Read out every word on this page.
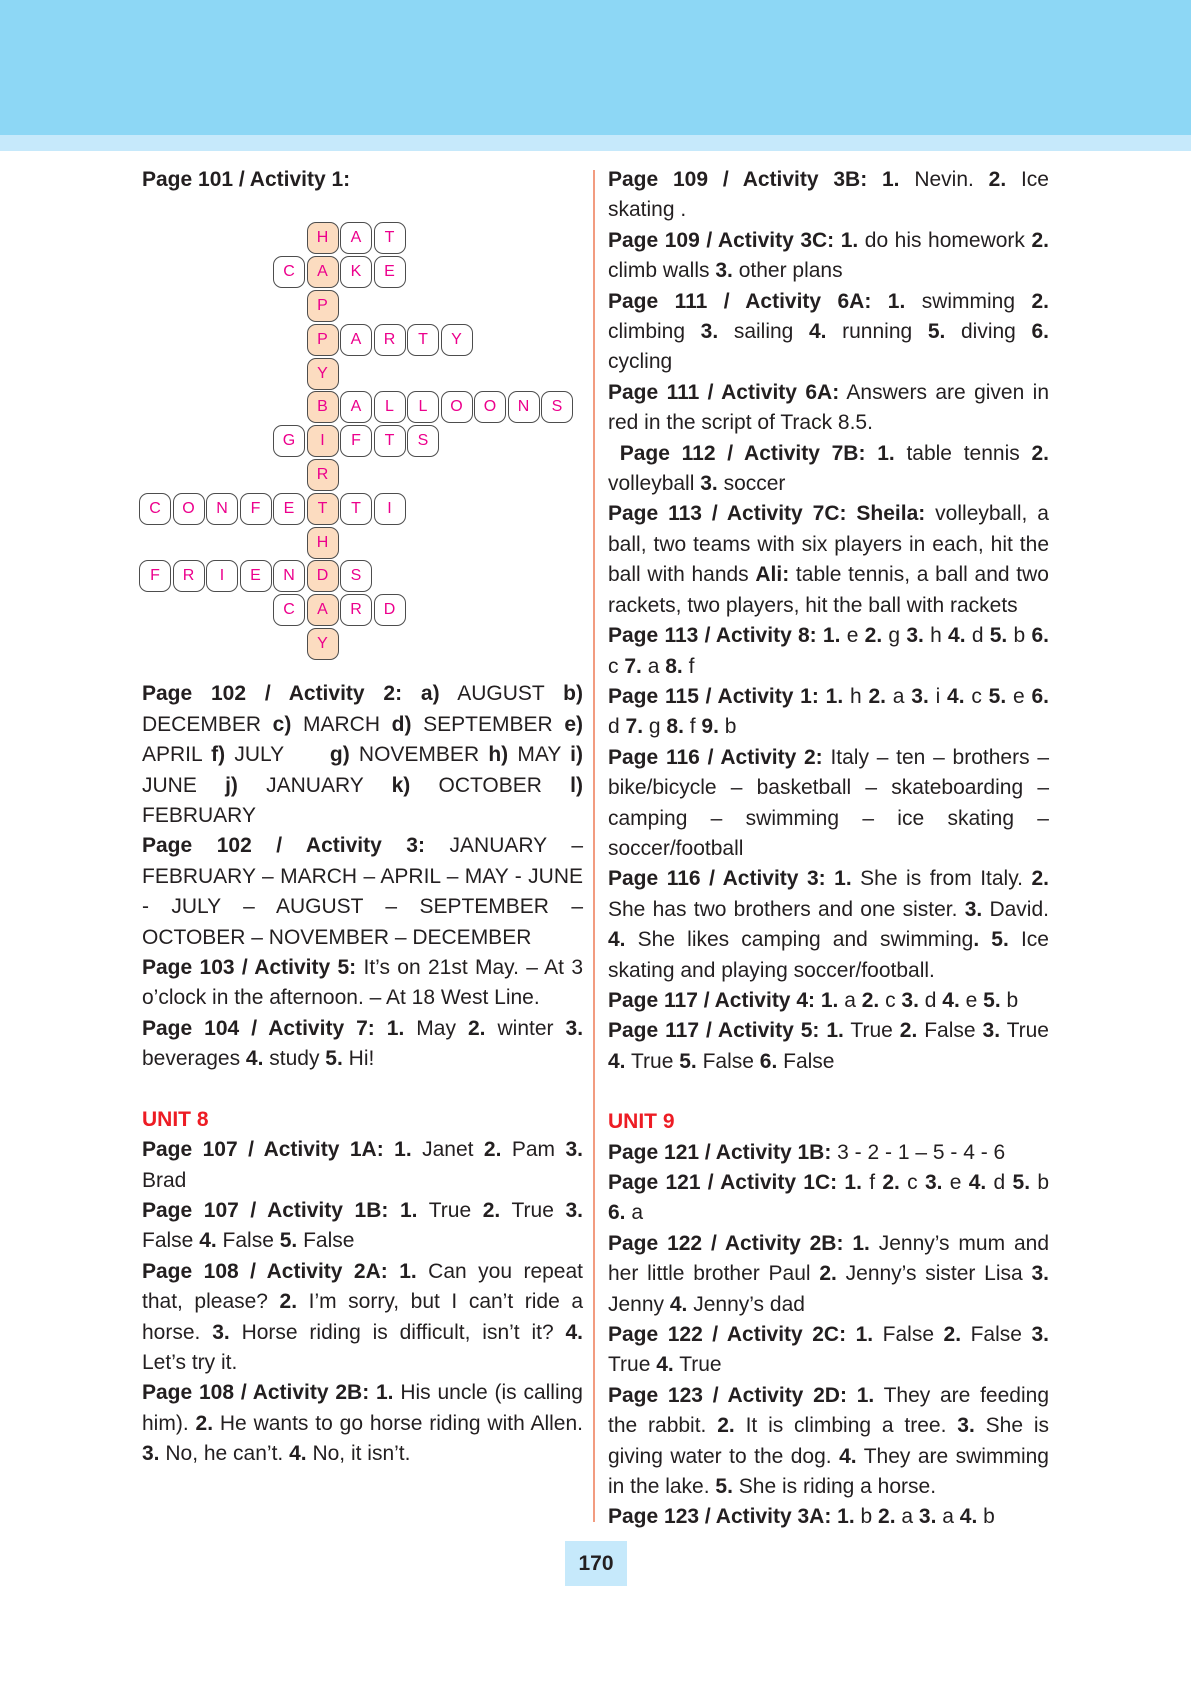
Page 101 / Activity 1:

H	A	T
C	A	K	E
P
P	A	R	T	Y
Y
B	A	L	L	O	O	N	S
G	I	F	T	S
R
C	O	N	F	E	T	T	I
H
F	R	I	E	N	D	S
C	A	R	D
Y

Page 102 / Activity 2: a) AUGUST b) DECEMBER c) MARCH d) SEPTEMBER e) APRIL f) JULY     g) NOVEMBER h) MAY i) JUNE j) JANUARY k) OCTOBER l) FEBRUARY

Page 102 / Activity 3: JANUARY – FEBRUARY – MARCH – APRIL – MAY - JUNE - JULY – AUGUST – SEPTEMBER – OCTOBER – NOVEMBER – DECEMBER

Page 103 / Activity 5: It’s on 21st May. – At 3 o’clock in the afternoon. – At 18 West Line.

Page 104 / Activity 7: 1. May 2. winter 3. beverages 4. study 5. Hi!

UNIT 8

Page 107 / Activity 1A: 1. Janet 2. Pam 3. Brad

Page 107 / Activity 1B: 1. True 2. True 3. False 4. False 5. False

Page 108 / Activity 2A: 1. Can you repeat that, please? 2. I’m sorry, but I can’t ride a horse. 3. Horse riding is difficult, isn’t it? 4. Let’s try it.

Page 108 / Activity 2B: 1. His uncle (is calling him). 2. He wants to go horse riding with Allen. 3. No, he can’t. 4. No, it isn’t.

Page 109 / Activity 3B: 1. Nevin. 2. Ice skating .

Page 109 / Activity 3C: 1. do his homework 2. climb walls 3. other plans

Page 111 / Activity 6A: 1. swimming 2. climbing 3. sailing 4. running 5. diving 6. cycling

Page 111 / Activity 6A: Answers are given in red in the script of Track 8.5.

Page 112 / Activity 7B: 1. table tennis 2. volleyball 3. soccer

Page 113 / Activity 7C: Sheila: volleyball, a ball, two teams with six players in each, hit the ball with hands Ali: table tennis, a ball and two rackets, two players, hit the ball with rackets

Page 113 / Activity 8: 1. e 2. g 3. h 4. d 5. b 6. c 7. a 8. f

Page 115 / Activity 1: 1. h 2. a 3. i 4. c 5. e 6. d 7. g 8. f 9. b

Page 116 / Activity 2: Italy – ten – brothers – bike/bicycle – basketball – skateboarding – camping – swimming – ice skating – soccer/football

Page 116 / Activity 3: 1. She is from Italy. 2. She has two brothers and one sister. 3. David. 4. She likes camping and swimming. 5. Ice skating and playing soccer/football.

Page 117 / Activity 4: 1. a 2. c 3. d 4. e 5. b

Page 117 / Activity 5: 1. True 2. False 3. True 4. True 5. False 6. False

UNIT 9

Page 121 / Activity 1B: 3 - 2 - 1 – 5 - 4 - 6

Page 121 / Activity 1C: 1. f 2. c 3. e 4. d 5. b 6. a

Page 122 / Activity 2B: 1. Jenny’s mum and her little brother Paul 2. Jenny’s sister Lisa 3. Jenny 4. Jenny’s dad

Page 122 / Activity 2C: 1. False 2. False 3. True 4. True

Page 123 / Activity 2D: 1. They are feeding the rabbit. 2. It is climbing a tree. 3. She is giving water to the dog. 4. They are swimming in the lake. 5. She is riding a horse.

Page 123 / Activity 3A: 1. b 2. a 3. a 4. b

170
